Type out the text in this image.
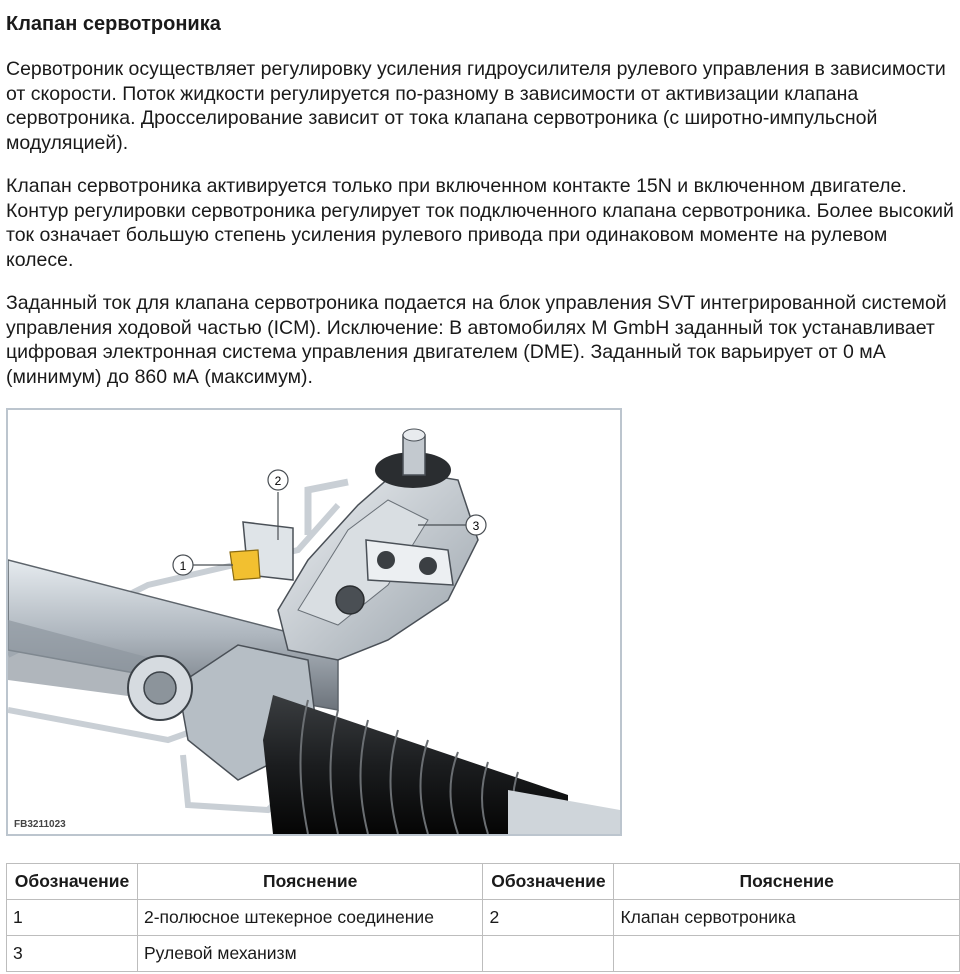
Клапан сервотроника

Сервотроник осуществляет регулировку усиления гидроусилителя рулевого управления в зависимости от скорости. Поток жидкости регулируется по-разному в зависимости от активизации клапана сервотроника. Дросселирование зависит от тока клапана сервотроника (с широтно-импульсной модуляцией).

Клапан сервотроника активируется только при включенном контакте 15N и включенном двигателе. Контур регулировки сервотроника регулирует ток подключенного клапана сервотроника. Более высокий ток означает большую степень усиления рулевого привода при одинаковом моменте на рулевом колесе.

Заданный ток для клапана сервотроника подается на блок управления SVT интегрированной системой управления ходовой частью (ICM). Исключение: В автомобилях M GmbH заданный ток устанавливает цифровая электронная система управления двигателем (DME). Заданный ток варьирует от 0 мА (минимум) до 860 мА (максимум).

1
2
3
FB3211023
Обозначение	Пояснение	Обозначение	Пояснение
1	2-полюсное штекерное соединение	2	Клапан сервотроника
3	Рулевой механизм		
